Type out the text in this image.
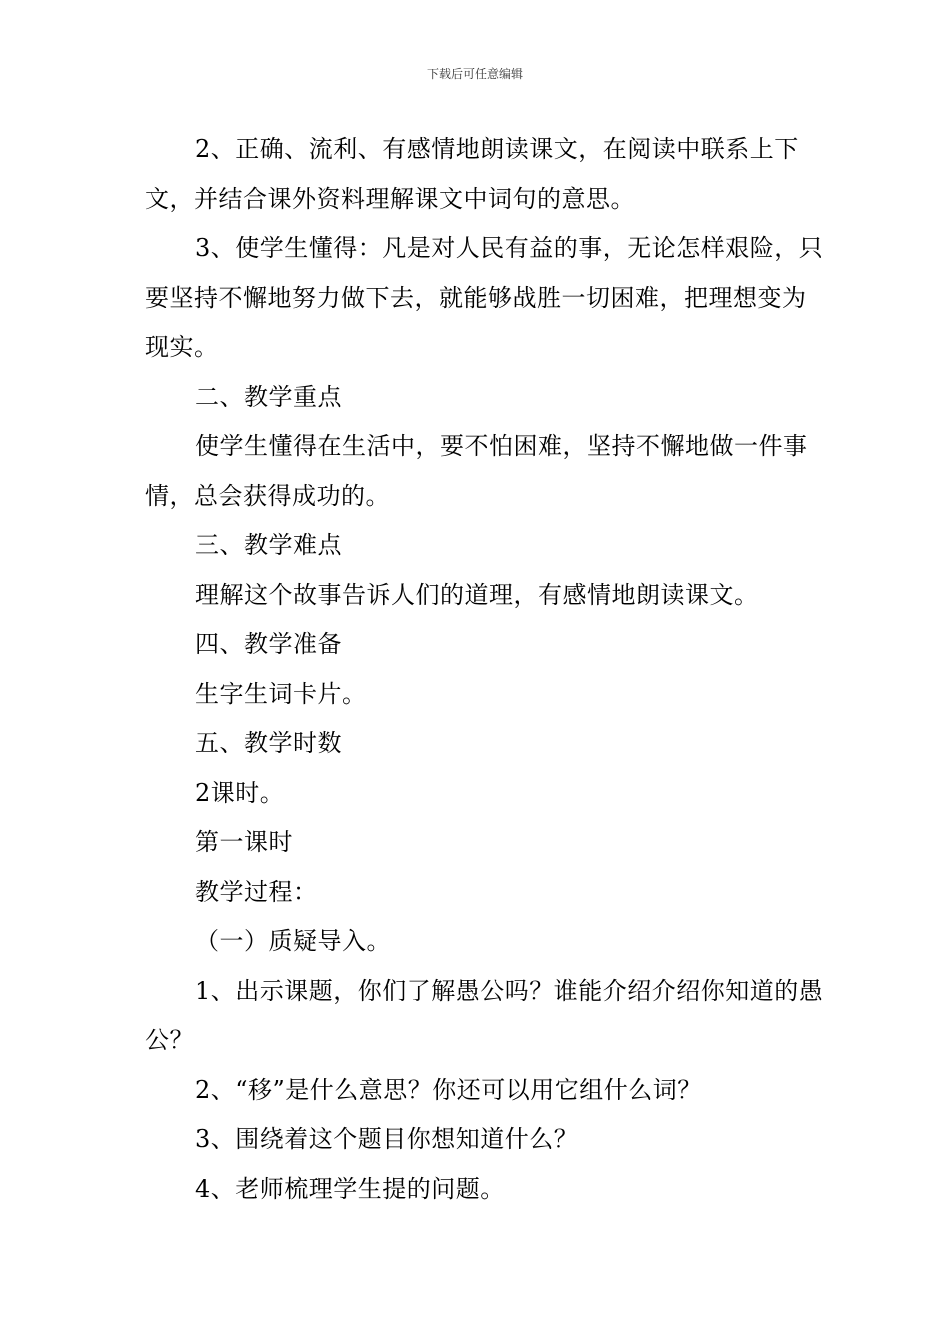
下载后可任意编辑

2、正确、流利、有感情地朗读课文，在阅读中联系上下文，并结合课外资料理解课文中词句的意思。

3、使学生懂得：凡是对人民有益的事，无论怎样艰险，只要坚持不懈地努力做下去，就能够战胜一切困难，把理想变为现实。

二、教学重点

使学生懂得在生活中，要不怕困难，坚持不懈地做一件事情，总会获得成功的。

三、教学难点

理解这个故事告诉人们的道理，有感情地朗读课文。

四、教学准备

生字生词卡片。

五、教学时数

2课时。

第一课时

教学过程：

（一）质疑导入。

1、出示课题，你们了解愚公吗？谁能介绍介绍你知道的愚公？

2、“移”是什么意思？你还可以用它组什么词？

3、围绕着这个题目你想知道什么？

4、老师梳理学生提的问题。
